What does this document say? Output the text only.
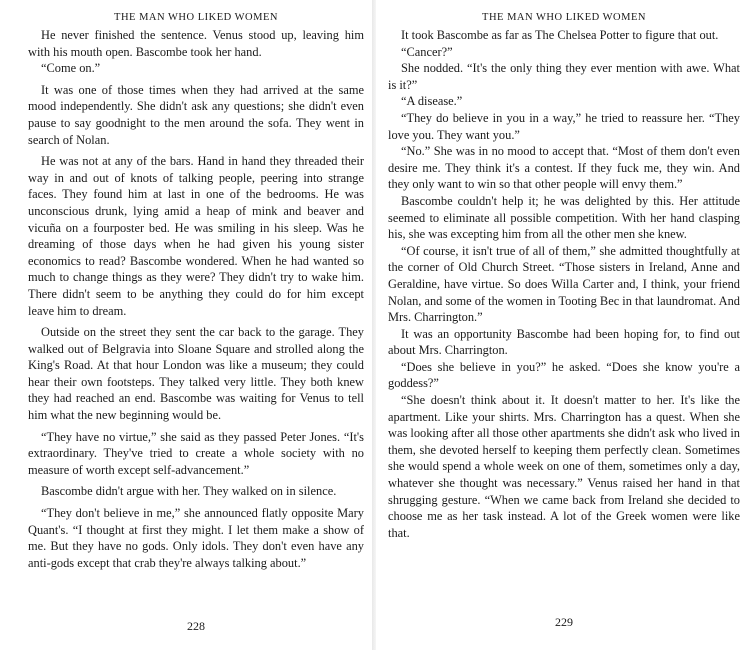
THE MAN WHO LIKED WOMEN

He never finished the sentence. Venus stood up, leaving him with his mouth open. Bascombe took her hand.

“Come on.”

It was one of those times when they had arrived at the same mood independently. She didn't ask any questions; she didn't even pause to say goodnight to the men around the sofa. They went in search of Nolan.

He was not at any of the bars. Hand in hand they threaded their way in and out of knots of talking people, peering into strange faces. They found him at last in one of the bedrooms. He was unconscious drunk, lying amid a heap of mink and beaver and vicuña on a fourposter bed. He was smiling in his sleep. Was he dreaming of those days when he had given his young sister economics to read? Bascombe wondered. When he had wanted so much to change things as they were? They didn't try to wake him. There didn't seem to be anything they could do for him except leave him to dream.

Outside on the street they sent the car back to the garage. They walked out of Belgravia into Sloane Square and strolled along the King's Road. At that hour London was like a museum; they could hear their own footsteps. They talked very little. They both knew they had reached an end. Bascombe was waiting for Venus to tell him what the new beginning would be.

“They have no virtue,” she said as they passed Peter Jones. “It's extraordinary. They've tried to create a whole society with no measure of worth except self-advancement.”

Bascombe didn't argue with her. They walked on in silence.

“They don't believe in me,” she announced flatly opposite Mary Quant's. “I thought at first they might. I let them make a show of me. But they have no gods. Only idols. They don't even have any anti-gods except that crab they're always talking about.”

228
THE MAN WHO LIKED WOMEN

It took Bascombe as far as The Chelsea Potter to figure that out.

“Cancer?”

She nodded. “It's the only thing they ever mention with awe. What is it?”

“A disease.”

“They do believe in you in a way,” he tried to reassure her. “They love you. They want you.”

“No.” She was in no mood to accept that. “Most of them don't even desire me. They think it's a contest. If they fuck me, they win. And they only want to win so that other people will envy them.”

Bascombe couldn't help it; he was delighted by this. Her attitude seemed to eliminate all possible competition. With her hand clasping his, she was excepting him from all the other men she knew.

“Of course, it isn't true of all of them,” she admitted thoughtfully at the corner of Old Church Street. “Those sisters in Ireland, Anne and Geraldine, have virtue. So does Willa Carter and, I think, your friend Nolan, and some of the women in Tooting Bec in that laundromat. And Mrs. Charrington.”

It was an opportunity Bascombe had been hoping for, to find out about Mrs. Charrington.

“Does she believe in you?” he asked. “Does she know you're a goddess?”

“She doesn't think about it. It doesn't matter to her. It's like the apartment. Like your shirts. Mrs. Charrington has a quest. When she was looking after all those other apartments she didn't ask who lived in them, she devoted herself to keeping them perfectly clean. Sometimes she would spend a whole week on one of them, sometimes only a day, whatever she thought was necessary.” Venus raised her hand in that shrugging gesture. “When we came back from Ireland she decided to choose me as her task instead. A lot of the Greek women were like that.

229
